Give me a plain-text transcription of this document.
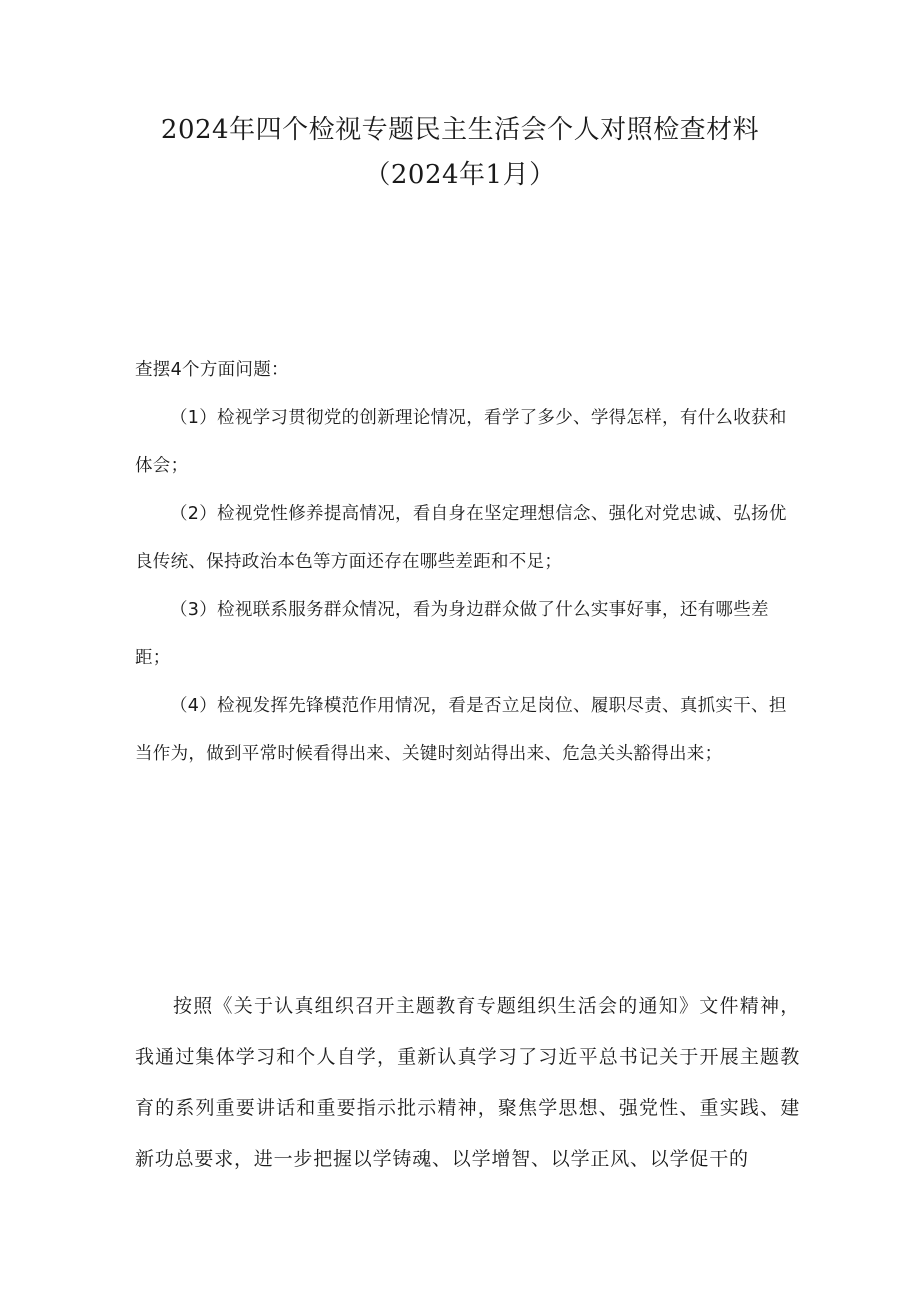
2024年四个检视专题民主生活会个人对照检查材料
（2024年1月）
查摆4个方面问题：

（1）检视学习贯彻党的创新理论情况，看学了多少、学得怎样，有什么收获和体会；

（2）检视党性修养提高情况，看自身在坚定理想信念、强化对党忠诚、弘扬优良传统、保持政治本色等方面还存在哪些差距和不足；

（3）检视联系服务群众情况，看为身边群众做了什么实事好事，还有哪些差距；

（4）检视发挥先锋模范作用情况，看是否立足岗位、履职尽责、真抓实干、担当作为，做到平常时候看得出来、关键时刻站得出来、危急关头豁得出来；

按照《关于认真组织召开主题教育专题组织生活会的通知》文件精神，我通过集体学习和个人自学，重新认真学习了习近平总书记关于开展主题教育的系列重要讲话和重要指示批示精神，聚焦学思想、强党性、重实践、建新功总要求，进一步把握以学铸魂、以学增智、以学正风、以学促干的
